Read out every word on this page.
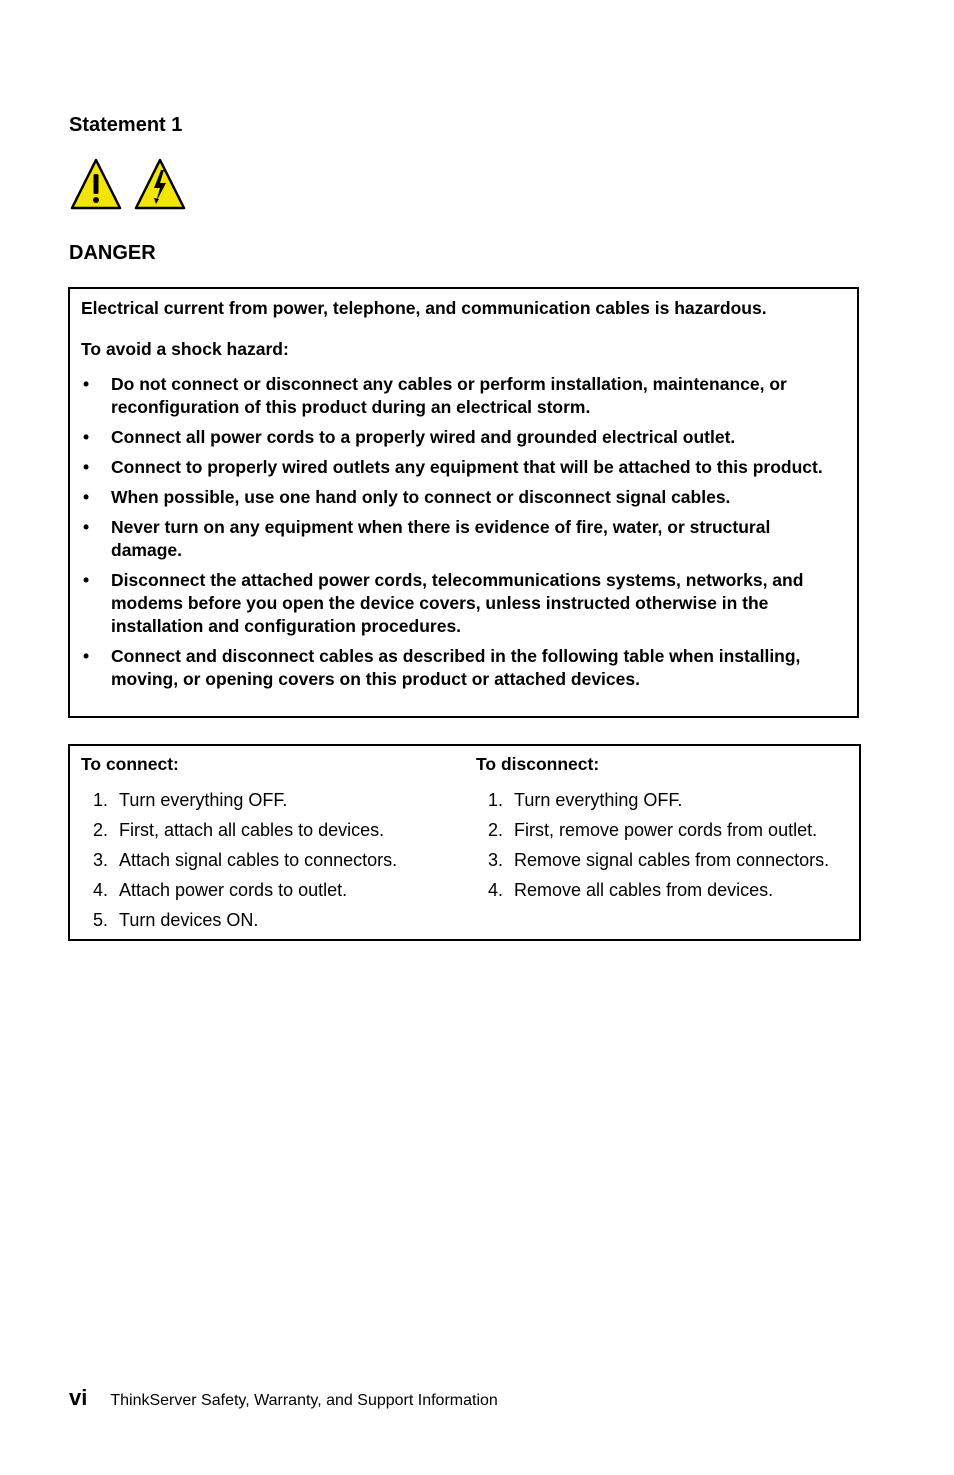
Statement 1
DANGER

Electrical current from power, telephone, and communication cables is hazardous.

To avoid a shock hazard:

• Do not connect or disconnect any cables or perform installation, maintenance, or reconfiguration of this product during an electrical storm.
• Connect all power cords to a properly wired and grounded electrical outlet.
• Connect to properly wired outlets any equipment that will be attached to this product.
• When possible, use one hand only to connect or disconnect signal cables.
• Never turn on any equipment when there is evidence of fire, water, or structural damage.
• Disconnect the attached power cords, telecommunications systems, networks, and modems before you open the device covers, unless instructed otherwise in the installation and configuration procedures.
• Connect and disconnect cables as described in the following table when installing, moving, or opening covers on this product or attached devices.

To connect:

1. Turn everything OFF.
2. First, attach all cables to devices.
3. Attach signal cables to connectors.
4. Attach power cords to outlet.
5. Turn devices ON.

To disconnect:

1. Turn everything OFF.
2. First, remove power cords from outlet.
3. Remove signal cables from connectors.
4. Remove all cables from devices.
vi ThinkServer Safety, Warranty, and Support Information
